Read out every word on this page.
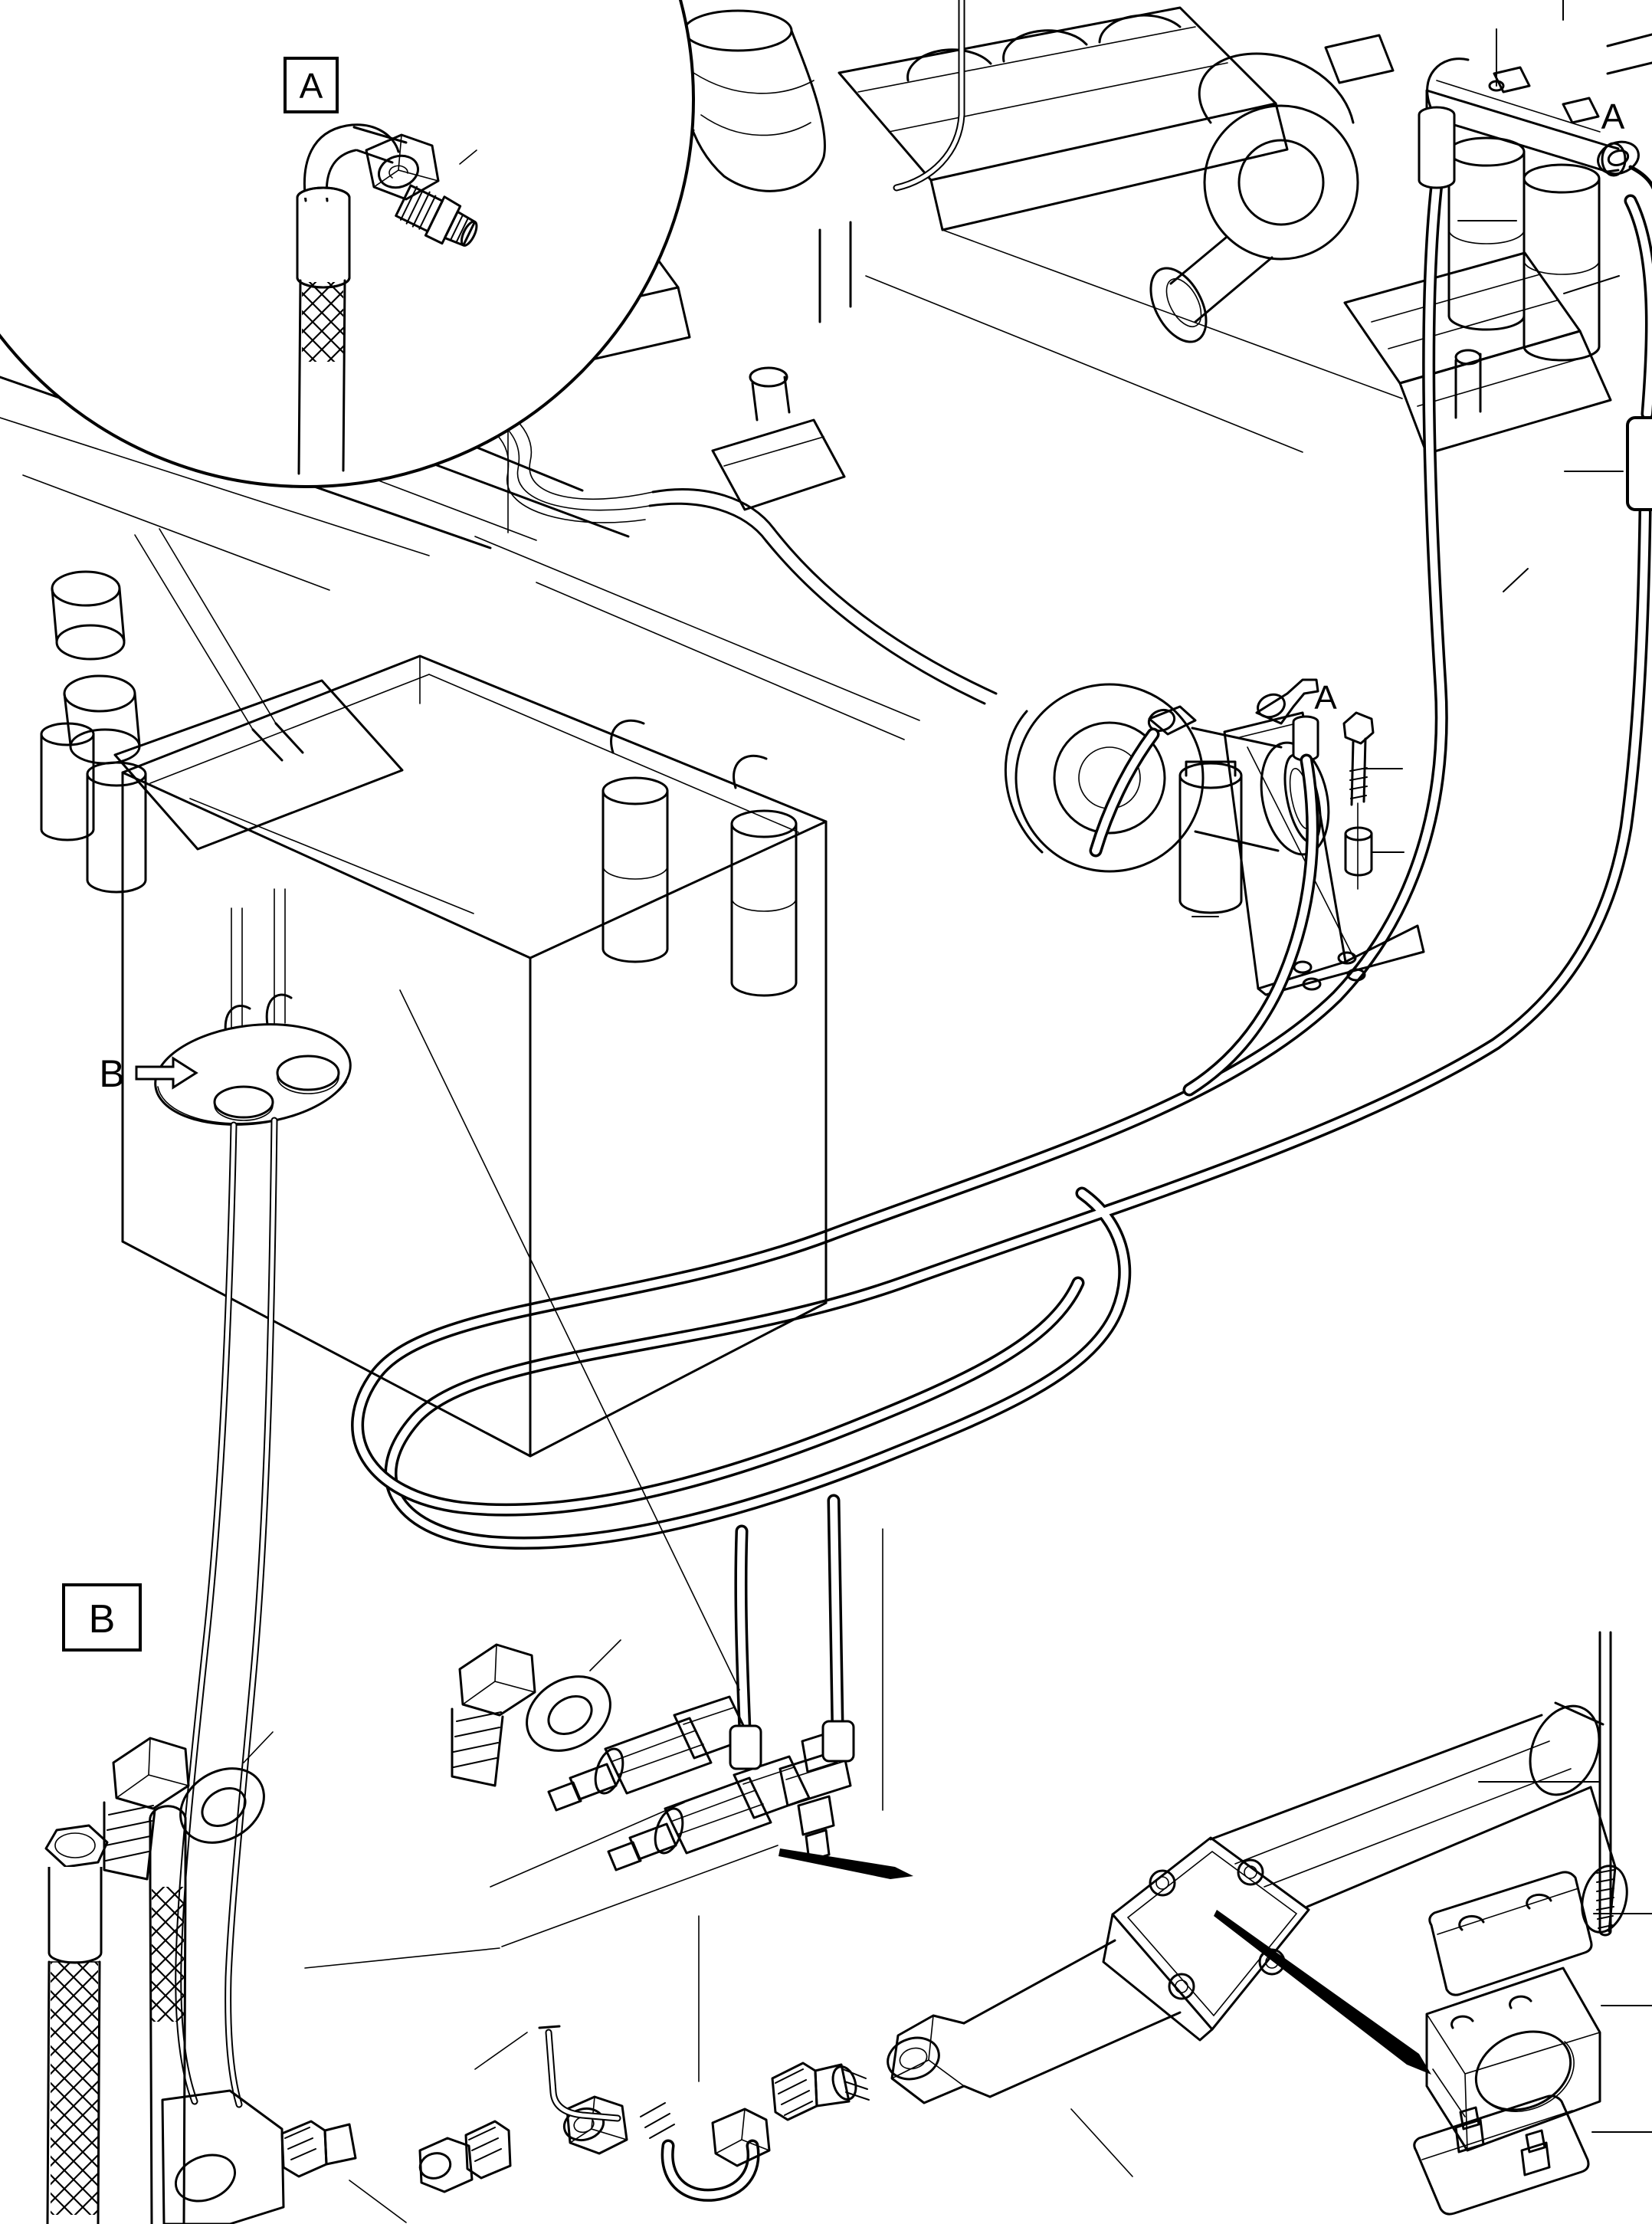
B
A
A
B
A
